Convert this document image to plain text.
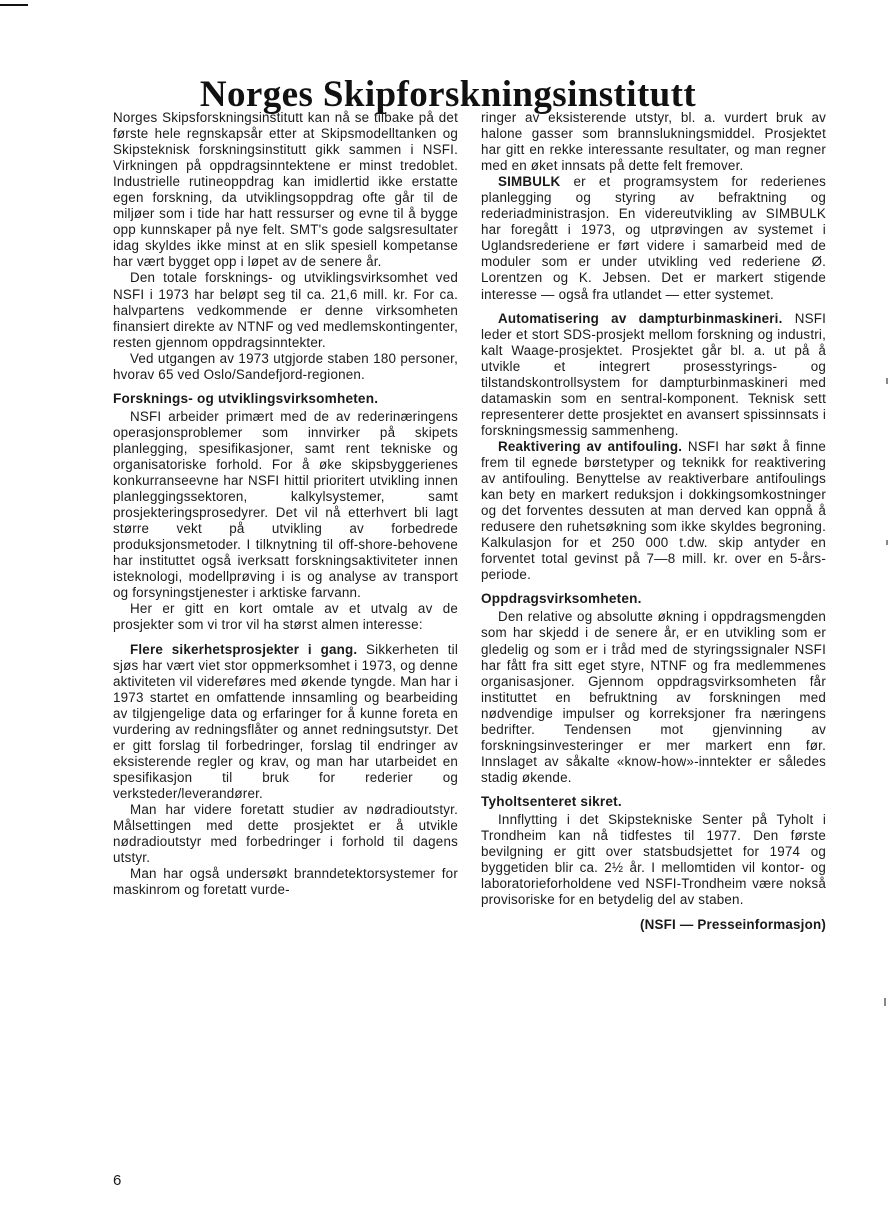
Norges Skipforskningsinstitutt

Norges Skipsforskningsinstitutt kan nå se tilbake på det første hele regnskapsår etter at Skipsmodelltanken og Skipsteknisk forskningsinstitutt gikk sammen i NSFI. Virkningen på oppdragsinntektene er minst tredoblet. Industrielle rutineoppdrag kan imidlertid ikke erstatte egen forskning, da utviklingsoppdrag ofte går til de miljøer som i tide har hatt ressurser og evne til å bygge opp kunnskaper på nye felt. SMT's gode salgsresultater idag skyldes ikke minst at en slik spesiell kompetanse har vært bygget opp i løpet av de senere år.

Den totale forsknings- og utviklingsvirksomhet ved NSFI i 1973 har beløpt seg til ca. 21,6 mill. kr. For ca. halvpartens vedkommende er denne virksomheten finansiert direkte av NTNF og ved medlemskontingenter, resten gjennom oppdragsinntekter.

Ved utgangen av 1973 utgjorde staben 180 personer, hvorav 65 ved Oslo/Sandefjord-regionen.

Forsknings- og utviklingsvirksomheten.

NSFI arbeider primært med de av rederinæringens operasjonsproblemer som innvirker på skipets planlegging, spesifikasjoner, samt rent tekniske og organisatoriske forhold. For å øke skipsbyggerienes konkurranseevne har NSFI hittil prioritert utvikling innen planleggingssektoren, kalkylsystemer, samt prosjekteringsprosedyrer. Det vil nå etterhvert bli lagt større vekt på utvikling av forbedrede produksjonsmetoder. I tilknytning til off-shore-behovene har instituttet også iverksatt forskningsaktiviteter innen isteknologi, modellprøving i is og analyse av transport og forsyningstjenester i arktiske farvann.

Her er gitt en kort omtale av et utvalg av de prosjekter som vi tror vil ha størst almen interesse:

Flere sikerhetsprosjekter i gang. Sikkerheten til sjøs har vært viet stor oppmerksomhet i 1973, og denne aktiviteten vil videreføres med økende tyngde. Man har i 1973 startet en omfattende innsamling og bearbeiding av tilgjengelige data og erfaringer for å kunne foreta en vurdering av redningsflåter og annet redningsutstyr. Det er gitt forslag til forbedringer, forslag til endringer av eksisterende regler og krav, og man har utarbeidet en spesifikasjon til bruk for rederier og verksteder/leverandører.

Man har videre foretatt studier av nødradioutstyr. Målsettingen med dette prosjektet er å utvikle nødradioutstyr med forbedringer i forhold til dagens utstyr.

Man har også undersøkt branndetektorsystemer for maskinrom og foretatt vurde-

ringer av eksisterende utstyr, bl. a. vurdert bruk av halone gasser som brannslukningsmiddel. Prosjektet har gitt en rekke interessante resultater, og man regner med en øket innsats på dette felt fremover.

SIMBULK er et programsystem for rederienes planlegging og styring av befraktning og rederiadministrasjon. En videreutvikling av SIMBULK har foregått i 1973, og utprøvingen av systemet i Uglandsrederiene er ført videre i samarbeid med de moduler som er under utvikling ved rederiene Ø. Lorentzen og K. Jebsen. Det er markert stigende interesse — også fra utlandet — etter systemet.

Automatisering av dampturbinmaskineri. NSFI leder et stort SDS-prosjekt mellom forskning og industri, kalt Waage-prosjektet. Prosjektet går bl. a. ut på å utvikle et integrert prosesstyrings- og tilstandskontrollsystem for dampturbinmaskineri med datamaskin som en sentral-komponent. Teknisk sett representerer dette prosjektet en avansert spissinnsats i forskningsmessig sammenheng.

Reaktivering av antifouling. NSFI har søkt å finne frem til egnede børstetyper og teknikk for reaktivering av antifouling. Benyttelse av reaktiverbare antifoulings kan bety en markert reduksjon i dokkingsomkostninger og det forventes dessuten at man derved kan oppnå å redusere den ruhetsøkning som ikke skyldes begroning. Kalkulasjon for et 250 000 t.dw. skip antyder en forventet total gevinst på 7—8 mill. kr. over en 5-års-periode.

Oppdragsvirksomheten.

Den relative og absolutte økning i oppdragsmengden som har skjedd i de senere år, er en utvikling som er gledelig og som er i tråd med de styringssignaler NSFI har fått fra sitt eget styre, NTNF og fra medlemmenes organisasjoner. Gjennom oppdragsvirksomheten får instituttet en befruktning av forskningen med nødvendige impulser og korreksjoner fra næringens bedrifter. Tendensen mot gjenvinning av forskningsinvesteringer er mer markert enn før. Innslaget av såkalte «know-how»-inntekter er således stadig økende.

Tyholtsenteret sikret.

Innflytting i det Skipstekniske Senter på Tyholt i Trondheim kan nå tidfestes til 1977. Den første bevilgning er gitt over statsbudsjettet for 1974 og byggetiden blir ca. 2½ år. I mellomtiden vil kontor- og laboratorieforholdene ved NSFI-Trondheim være nokså provisoriske for en betydelig del av staben.

(NSFI — Presseinformasjon)
6
